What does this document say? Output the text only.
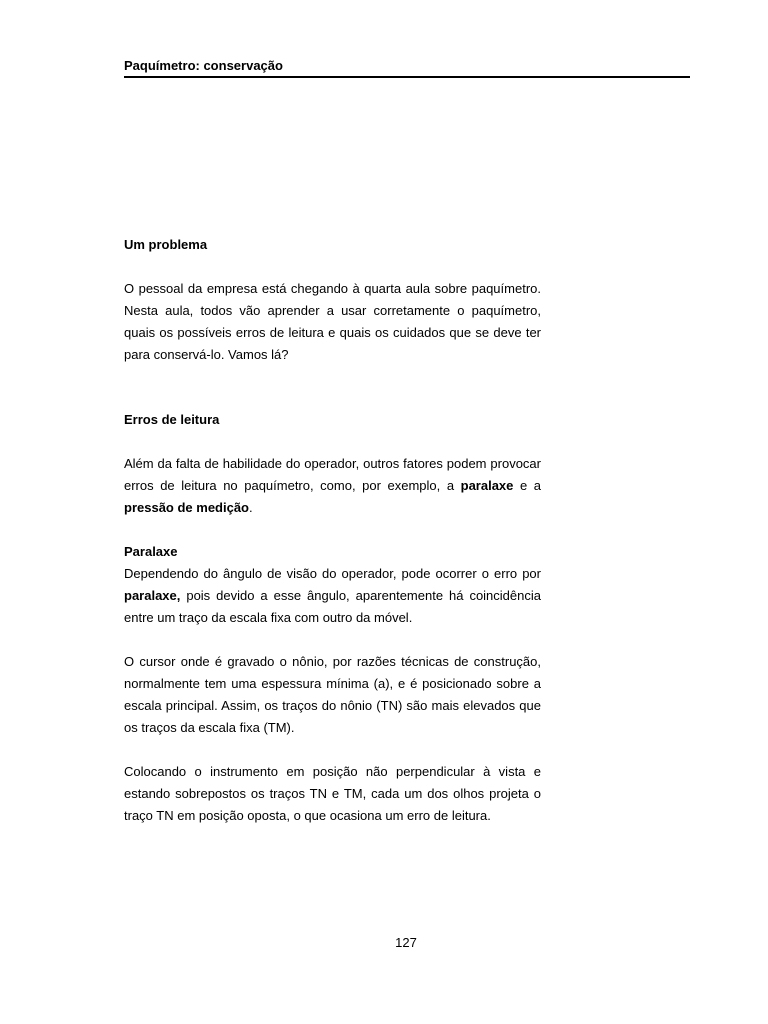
Paquímetro: conservação
Um problema

O pessoal da empresa está chegando à quarta aula sobre paquímetro. Nesta aula, todos vão aprender a usar corretamente o paquímetro, quais os possíveis erros de leitura e quais os cuidados que se deve ter para conservá-lo. Vamos lá?

Erros de leitura

Além da falta de habilidade do operador, outros fatores podem provocar erros de leitura no paquímetro, como, por exemplo, a paralaxe e a pressão de medição.

Paralaxe

Dependendo do ângulo de visão do operador, pode ocorrer o erro por paralaxe, pois devido a esse ângulo, aparentemente há coincidência entre um traço da escala fixa com outro da móvel.

O cursor onde é gravado o nônio, por razões técnicas de construção, normalmente tem uma espessura mínima (a), e é posicionado sobre a escala principal. Assim, os traços do nônio (TN) são mais elevados que os traços da escala fixa (TM).

Colocando o instrumento em posição não perpendicular à vista e estando sobrepostos os traços TN e TM, cada um dos olhos projeta o traço TN em posição oposta, o que ocasiona um erro de leitura.

127
